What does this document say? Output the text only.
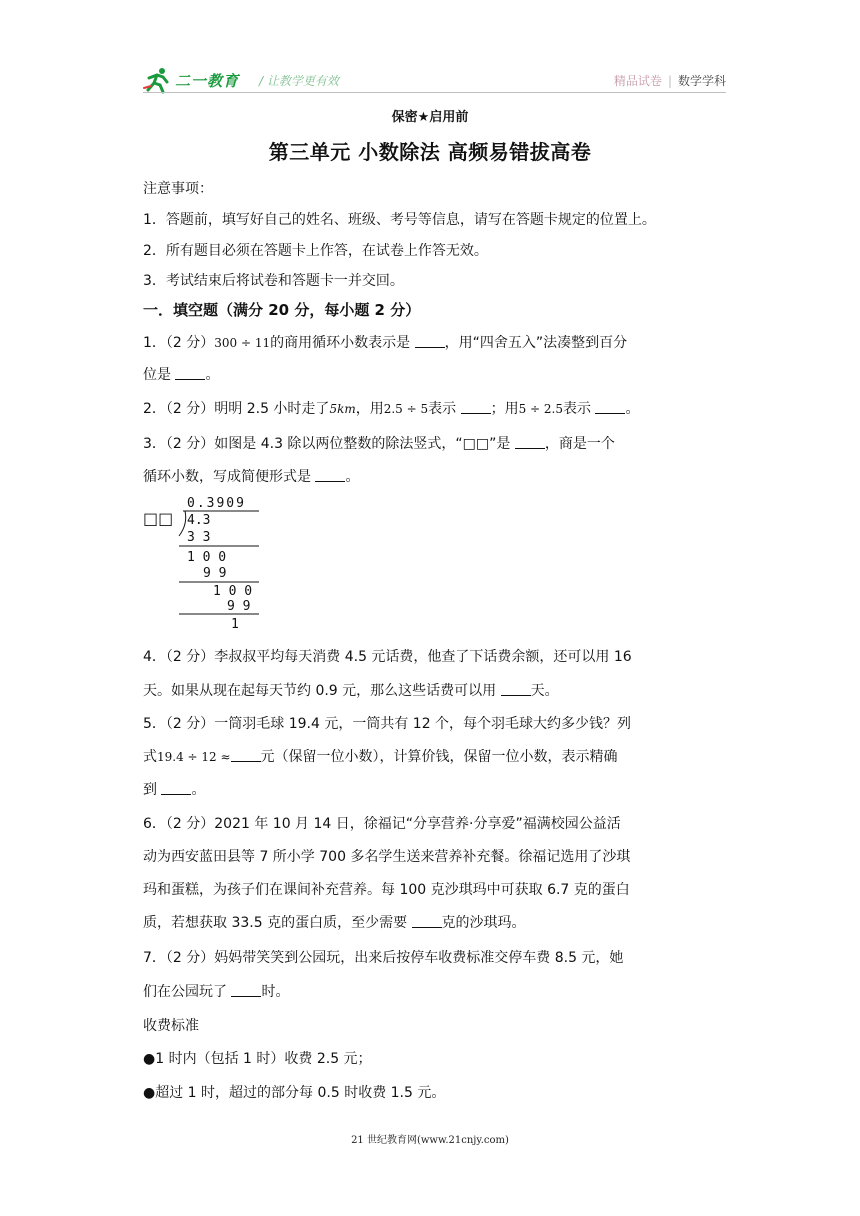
二一教育 / 让教学更有效	精品试卷 | 数学学科
保密★启用前
第三单元 小数除法 高频易错拔高卷
注意事项：
1．答题前，填写好自己的姓名、班级、考号等信息，请写在答题卡规定的位置上。
2．所有题目必须在答题卡上作答，在试卷上作答无效。
3．考试结束后将试卷和答题卡一并交回。
一．填空题（满分 20 分，每小题 2 分）
1．（2 分）300 ÷ 11的商用循环小数表示是 ，用“四舍五入”法凑整到百分
位是 。
2．（2 分）明明 2.5 小时走了5km，用2.5 ÷ 5表示 ；用5 ÷ 2.5表示 。
3．（2 分）如图是 4.3 除以两位整数的除法竖式，“□□”是 ，商是一个
循环小数，写成简便形式是 。
0.3909
□□ 4.3
3 3
1 0 0
9 9
1 0 0
9 9
1
4．（2 分）李叔叔平均每天消费 4.5 元话费，他查了下话费余额，还可以用 16
天。如果从现在起每天节约 0.9 元，那么这些话费可以用 天。
5．（2 分）一筒羽毛球 19.4 元，一筒共有 12 个，每个羽毛球大约多少钱？列
式19.4 ÷ 12 ≈ 元（保留一位小数），计算价钱，保留一位小数，表示精确
到 。
6．（2 分）2021 年 10 月 14 日，徐福记“分享营养·分享爱”福满校园公益活
动为西安蓝田县等 7 所小学 700 多名学生送来营养补充餐。徐福记选用了沙琪
玛和蛋糕，为孩子们在课间补充营养。每 100 克沙琪玛中可获取 6.7 克的蛋白
质，若想获取 33.5 克的蛋白质，至少需要 克的沙琪玛。
7．（2 分）妈妈带笑笑到公园玩，出来后按停车收费标准交停车费 8.5 元，她
们在公园玩了 时。
收费标准
●1 时内（包括 1 时）收费 2.5 元；
●超过 1 时，超过的部分每 0.5 时收费 1.5 元。
21 世纪教育网(www.21cnjy.com)
